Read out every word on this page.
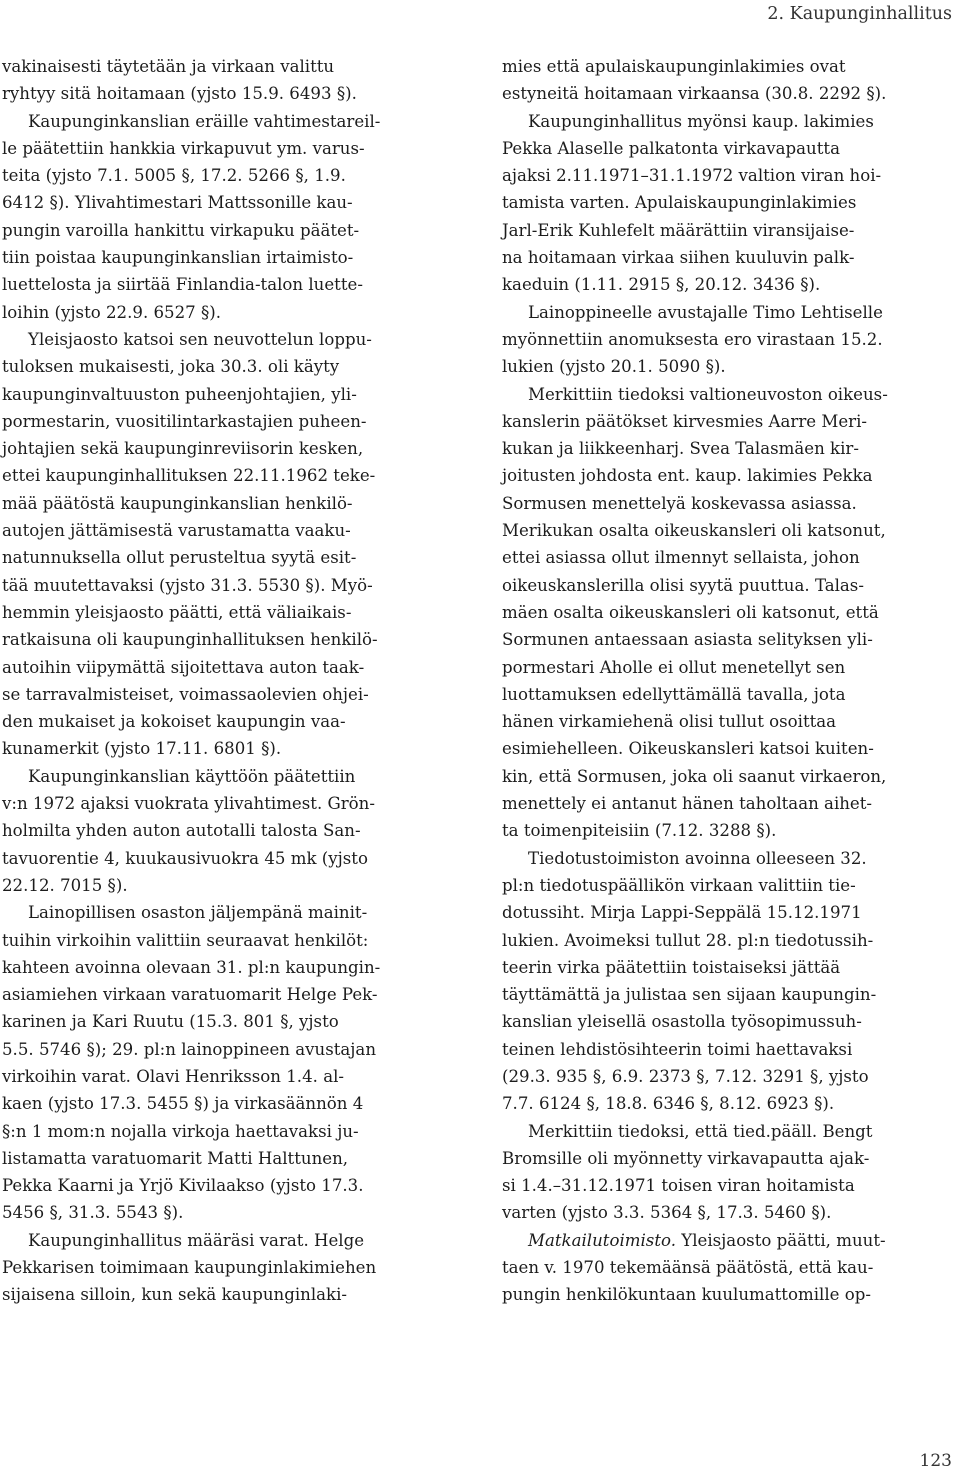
2. Kaupunginhallitus
vakinaisesti täytetään ja virkaan valittu
ryhtyy sitä hoitamaan (yjsto 15.9. 6493 §).
Kaupunginkanslian eräille vahtimestareil-
le päätettiin hankkia virkapuvut ym. varus-
teita (yjsto 7.1. 5005 §, 17.2. 5266 §, 1.9.
6412 §). Ylivahtimestari Mattssonille kau-
pungin varoilla hankittu virkapuku päätet-
tiin poistaa kaupunginkanslian irtaimisto-
luettelosta ja siirtää Finlandia-talon luette-
loihin (yjsto 22.9. 6527 §).
Yleisjaosto katsoi sen neuvottelun loppu-
tuloksen mukaisesti, joka 30.3. oli käyty
kaupunginvaltuuston puheenjohtajien, yli-
pormestarin, vuositilintarkastajien puheen-
johtajien sekä kaupunginreviisorin kesken,
ettei kaupunginhallituksen 22.11.1962 teke-
mää päätöstä kaupunginkanslian henkilö-
autojen jättämisestä varustamatta vaaku-
natunnuksella ollut perusteltua syytä esit-
tää muutettavaksi (yjsto 31.3. 5530 §). Myö-
hemmin yleisjaosto päätti, että väliaikais-
ratkaisuna oli kaupunginhallituksen henkilö-
autoihin viipymättä sijoitettava auton taak-
se tarravalmisteiset, voimassaolevien ohjei-
den mukaiset ja kokoiset kaupungin vaa-
kunamerkit (yjsto 17.11. 6801 §).
Kaupunginkanslian käyttöön päätettiin
v:n 1972 ajaksi vuokrata ylivahtimest. Grön-
holmilta yhden auton autotalli talosta San-
tavuorentie 4, kuukausivuokra 45 mk (yjsto
22.12. 7015 §).
Lainopillisen osaston jäljempänä mainit-
tuihin virkoihin valittiin seuraavat henkilöt:
kahteen avoinna olevaan 31. pl:n kaupungin-
asiamiehen virkaan varatuomarit Helge Pek-
karinen ja Kari Ruutu (15.3. 801 §, yjsto
5.5. 5746 §); 29. pl:n lainoppineen avustajan
virkoihin varat. Olavi Henriksson 1.4. al-
kaen (yjsto 17.3. 5455 §) ja virkasäännön 4
§:n 1 mom:n nojalla virkoja haettavaksi ju-
listamatta varatuomarit Matti Halttunen,
Pekka Kaarni ja Yrjö Kivilaakso (yjsto 17.3.
5456 §, 31.3. 5543 §).
Kaupunginhallitus määräsi varat. Helge
Pekkarisen toimimaan kaupunginlakimiehen
sijaisena silloin, kun sekä kaupunginlaki-
mies että apulaiskaupunginlakimies ovat
estyneitä hoitamaan virkaansa (30.8. 2292 §).
Kaupunginhallitus myönsi kaup. lakimies
Pekka Alaselle palkatonta virkavapautta
ajaksi 2.11.1971–31.1.1972 valtion viran hoi-
tamista varten. Apulaiskaupunginlakimies
Jarl-Erik Kuhlefelt määrättiin viransijaise-
na hoitamaan virkaa siihen kuuluvin palk-
kaeduin (1.11. 2915 §, 20.12. 3436 §).
Lainoppineelle avustajalle Timo Lehtiselle
myönnettiin anomuksesta ero virastaan 15.2.
lukien (yjsto 20.1. 5090 §).
Merkittiin tiedoksi valtioneuvoston oikeus-
kanslerin päätökset kirvesmies Aarre Meri-
kukan ja liikkeenharj. Svea Talasmäen kir-
joitusten johdosta ent. kaup. lakimies Pekka
Sormusen menettelyä koskevassa asiassa.
Merikukan osalta oikeuskansleri oli katsonut,
ettei asiassa ollut ilmennyt sellaista, johon
oikeuskanslerilla olisi syytä puuttua. Talas-
mäen osalta oikeuskansleri oli katsonut, että
Sormunen antaessaan asiasta selityksen yli-
pormestari Aholle ei ollut menetellyt sen
luottamuksen edellyttämällä tavalla, jota
hänen virkamiehenä olisi tullut osoittaa
esimiehelleen. Oikeuskansleri katsoi kuiten-
kin, että Sormusen, joka oli saanut virkaeron,
menettely ei antanut hänen taholtaan aihet-
ta toimenpiteisiin (7.12. 3288 §).
Tiedotustoimiston avoinna olleeseen 32.
pl:n tiedotuspäällikön virkaan valittiin tie-
dotussiht. Mirja Lappi-Seppälä 15.12.1971
lukien. Avoimeksi tullut 28. pl:n tiedotussih-
teerin virka päätettiin toistaiseksi jättää
täyttämättä ja julistaa sen sijaan kaupungin-
kanslian yleisellä osastolla työsopimussuh-
teinen lehdistösihteerin toimi haettavaksi
(29.3. 935 §, 6.9. 2373 §, 7.12. 3291 §, yjsto
7.7. 6124 §, 18.8. 6346 §, 8.12. 6923 §).
Merkittiin tiedoksi, että tied.pääll. Bengt
Bromsille oli myönnetty virkavapautta ajak-
si 1.4.–31.12.1971 toisen viran hoitamista
varten (yjsto 3.3. 5364 §, 17.3. 5460 §).
Matkailutoimisto. Yleisjaosto päätti, muut-
taen v. 1970 tekemäänsä päätöstä, että kau-
pungin henkilökuntaan kuulumattomille op-
123
